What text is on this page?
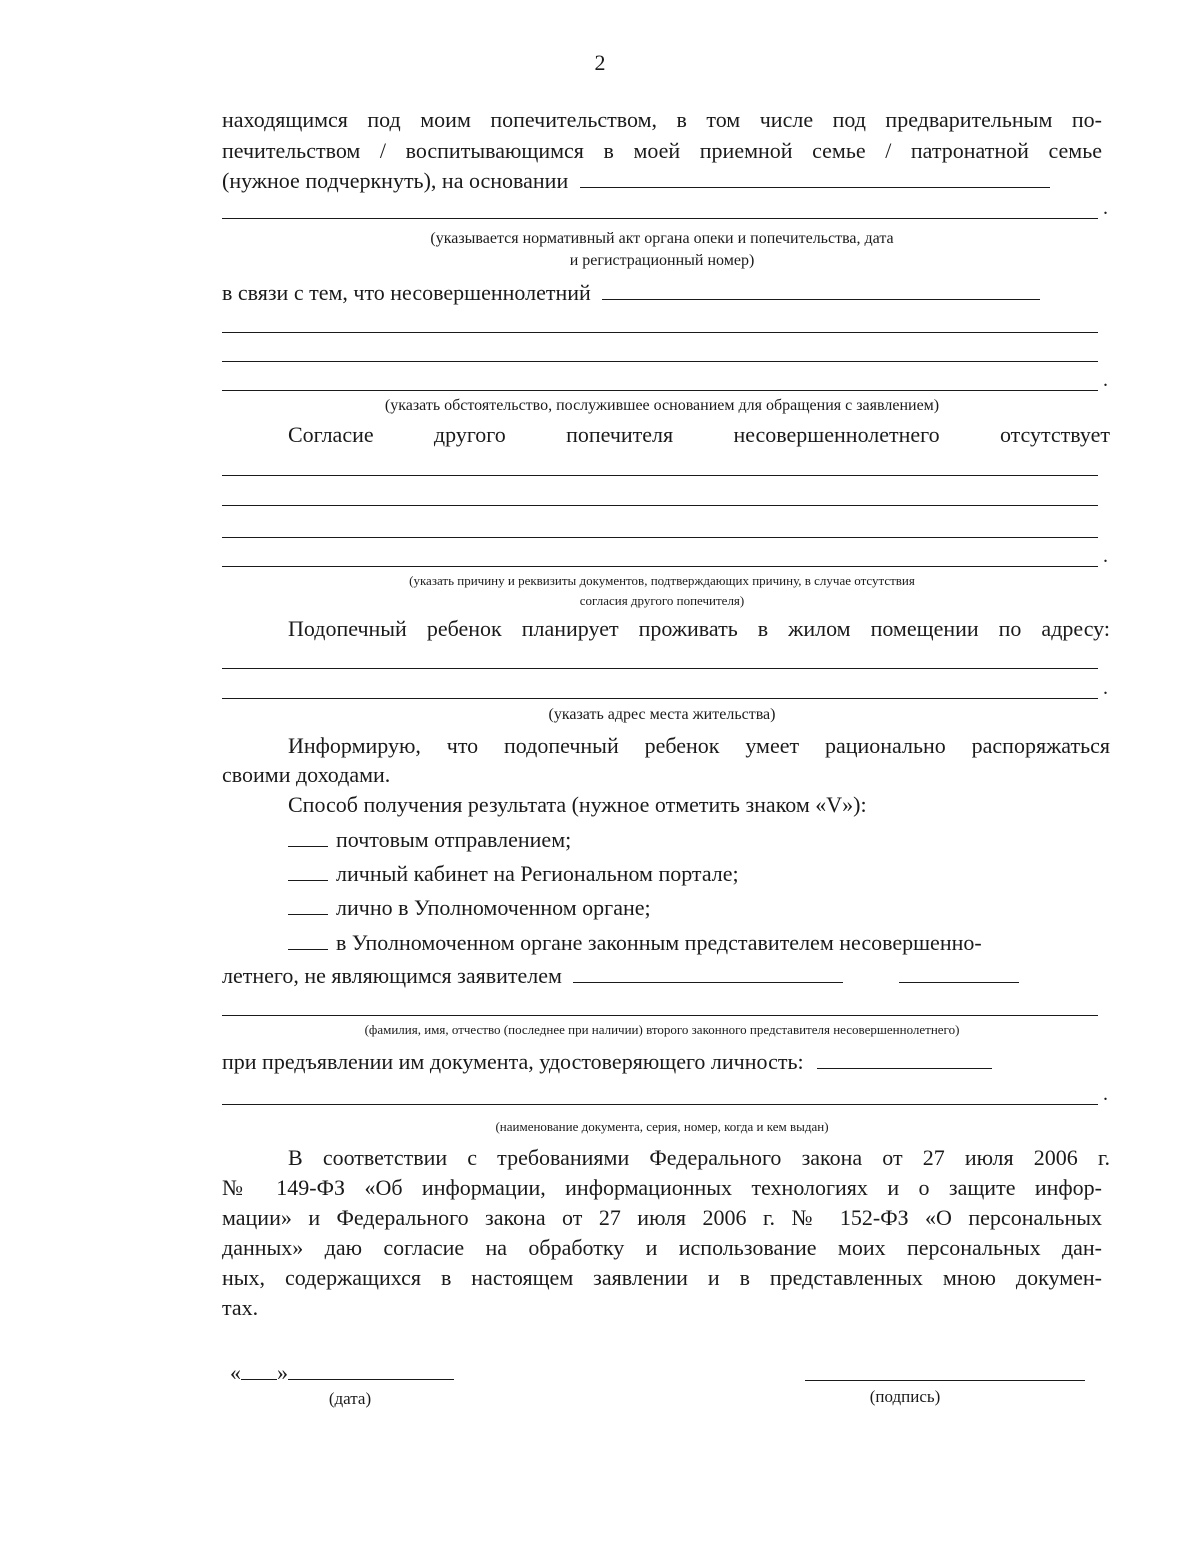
2
находящимся под моим попечительством, в том числе под предварительным по-
печительством / воспитывающимся в моей приемной семье / патронатной семье
(нужное подчеркнуть), на основании
.
(указывается нормативный акт органа опеки и попечительства, дата
и регистрационный номер)
в связи с тем, что несовершеннолетний
.
(указать обстоятельство, послужившее основанием для обращения с заявлением)
Согласие другого попечителя несовершеннолетнего отсутствует
.
(указать причину и реквизиты документов, подтверждающих причину, в случае отсутствия
согласия другого попечителя)
Подопечный ребенок планирует проживать в жилом помещении по адресу:
.
(указать адрес места жительства)
Информирую, что подопечный ребенок умеет рационально распоряжаться
своими доходами.
Способ получения результата (нужное отметить знаком «V»):
почтовым отправлением;
личный кабинет на Региональном портале;
лично в Уполномоченном органе;
в Уполномоченном органе законным представителем несовершенно-
летнего, не являющимся заявителем
(фамилия, имя, отчество (последнее при наличии) второго законного представителя несовершеннолетнего)
при предъявлении им документа, удостоверяющего личность:
.
(наименование документа, серия, номер, когда и кем выдан)
В соответствии с требованиями Федерального закона от 27 июля 2006 г.
№ 149-ФЗ «Об информации, информационных технологиях и о защите инфор-
мации» и Федерального закона от 27 июля 2006 г. № 152-ФЗ «О персональных
данных» даю согласие на обработку и использование моих персональных дан-
ных, содержащихся в настоящем заявлении и в представленных мною докумен-
тах.
« »
(дата)	(подпись)
